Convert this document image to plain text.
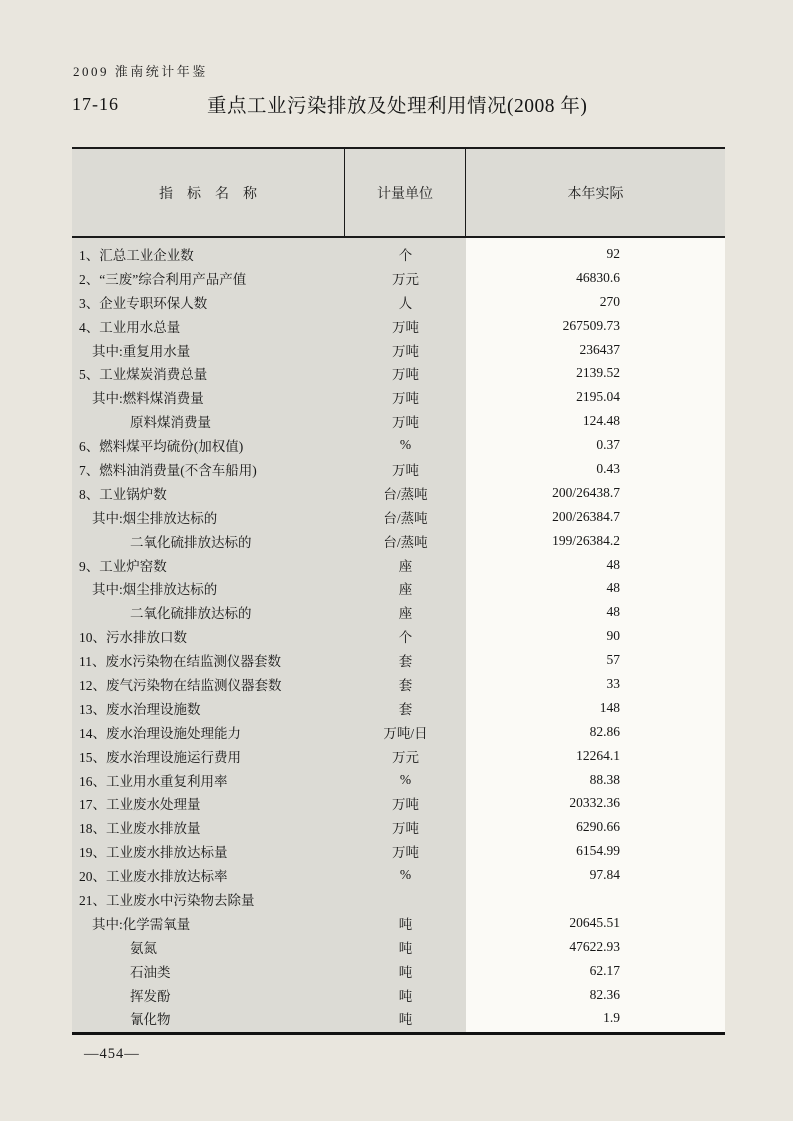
2009 淮南统计年鉴
17-16	重点工业污染排放及处理利用情况(2008 年)
指　标　名　称	计量单位	本年实际
1、汇总工业企业数	个	92
2、“三废”综合利用产品产值	万元	46830.6
3、企业专职环保人数	人	270
4、工业用水总量	万吨	267509.73
其中:重复用水量	万吨	236437
5、工业煤炭消费总量	万吨	2139.52
其中:燃料煤消费量	万吨	2195.04
原料煤消费量	万吨	124.48
6、燃料煤平均硫份(加权值)	%	0.37
7、燃料油消费量(不含车船用)	万吨	0.43
8、工业锅炉数	台/蒸吨	200/26438.7
其中:烟尘排放达标的	台/蒸吨	200/26384.7
二氧化硫排放达标的	台/蒸吨	199/26384.2
9、工业炉窑数	座	48
其中:烟尘排放达标的	座	48
二氧化硫排放达标的	座	48
10、污水排放口数	个	90
11、废水污染物在结监测仪器套数	套	57
12、废气污染物在结监测仪器套数	套	33
13、废水治理设施数	套	148
14、废水治理设施处理能力	万吨/日	82.86
15、废水治理设施运行费用	万元	12264.1
16、工业用水重复利用率	%	88.38
17、工业废水处理量	万吨	20332.36
18、工业废水排放量	万吨	6290.66
19、工业废水排放达标量	万吨	6154.99
20、工业废水排放达标率	%	97.84
21、工业废水中污染物去除量
其中:化学需氧量	吨	20645.51
氨氮	吨	47622.93
石油类	吨	62.17
挥发酚	吨	82.36
氰化物	吨	1.9
—454—
